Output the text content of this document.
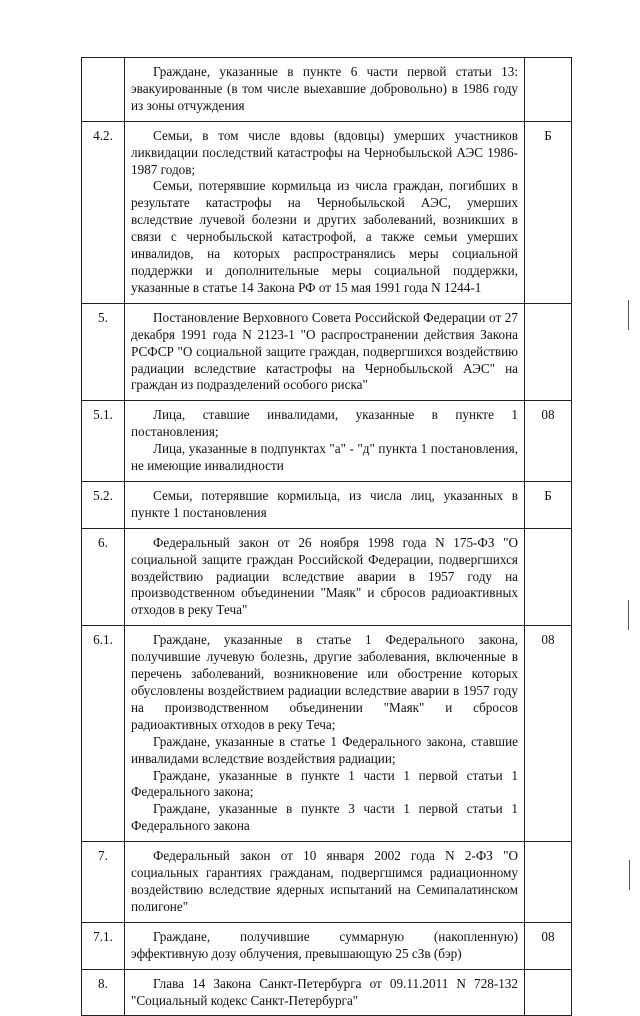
	Граждане, указанные в пункте 6 части первой статьи 13: эвакуированные (в том числе выехавшие добровольно) в 1986 году из зоны отчуждения	

4.2.	Семьи, в том числе вдовы (вдовцы) умерших участников ликвидации последствий катастрофы на Чернобыльской АЭС 1986-1987 годов;

Семьи, потерявшие кормильца из числа граждан, погибших в результате катастрофы на Чернобыльской АЭС, умерших вследствие лучевой болезни и других заболеваний, возникших в связи с чернобыльской катастрофой, а также семьи умерших инвалидов, на которых распространялись меры социальной поддержки и дополнительные меры социальной поддержки, указанные в статье 14 Закона РФ от 15 мая 1991 года N 1244-1	Б
5.	Постановление Верховного Совета Российской Федерации от 27 декабря 1991 года N 2123-1 "О распространении действия Закона РСФСР "О социальной защите граждан, подвергшихся воздействию радиации вследствие катастрофы на Чернобыльской АЭС" на граждан из подразделений особого риска"	

5.1.	Лица, ставшие инвалидами, указанные в пункте 1 постановления;

Лица, указанные в подпунктах "а" - "д" пункта 1 постановления, не имеющие инвалидности	08
5.2.	Семьи, потерявшие кормильца, из числа лиц, указанных в пункте 1 постановления	Б
6.	Федеральный закон от 26 ноября 1998 года N 175-ФЗ "О социальной защите граждан Российской Федерации, подвергшихся воздействию радиации вследствие аварии в 1957 году на производственном объединении "Маяк" и сбросов радиоактивных отходов в реку Теча"	

6.1.	Граждане, указанные в статье 1 Федерального закона, получившие лучевую болезнь, другие заболевания, включенные в перечень заболеваний, возникновение или обострение которых обусловлены воздействием радиации вследствие аварии в 1957 году на производственном объединении "Маяк" и сбросов радиоактивных отходов в реку Теча;

Граждане, указанные в статье 1 Федерального закона, ставшие инвалидами вследствие воздействия радиации;

Граждане, указанные в пункте 1 части 1 первой статьи 1 Федерального закона;

Граждане, указанные в пункте 3 части 1 первой статьи 1 Федерального закона	08
7.	Федеральный закон от 10 января 2002 года N 2-ФЗ "О социальных гарантиях гражданам, подвергшимся радиационному воздействию вследствие ядерных испытаний на Семипалатинском полигоне"	

7.1.	Граждане, получившие суммарную (накопленную) эффективную дозу облучения, превышающую 25 сЗв (бэр)	08
8.	Глава 14 Закона Санкт-Петербурга от 09.11.2011 N 728-132 "Социальный кодекс Санкт-Петербурга"	
